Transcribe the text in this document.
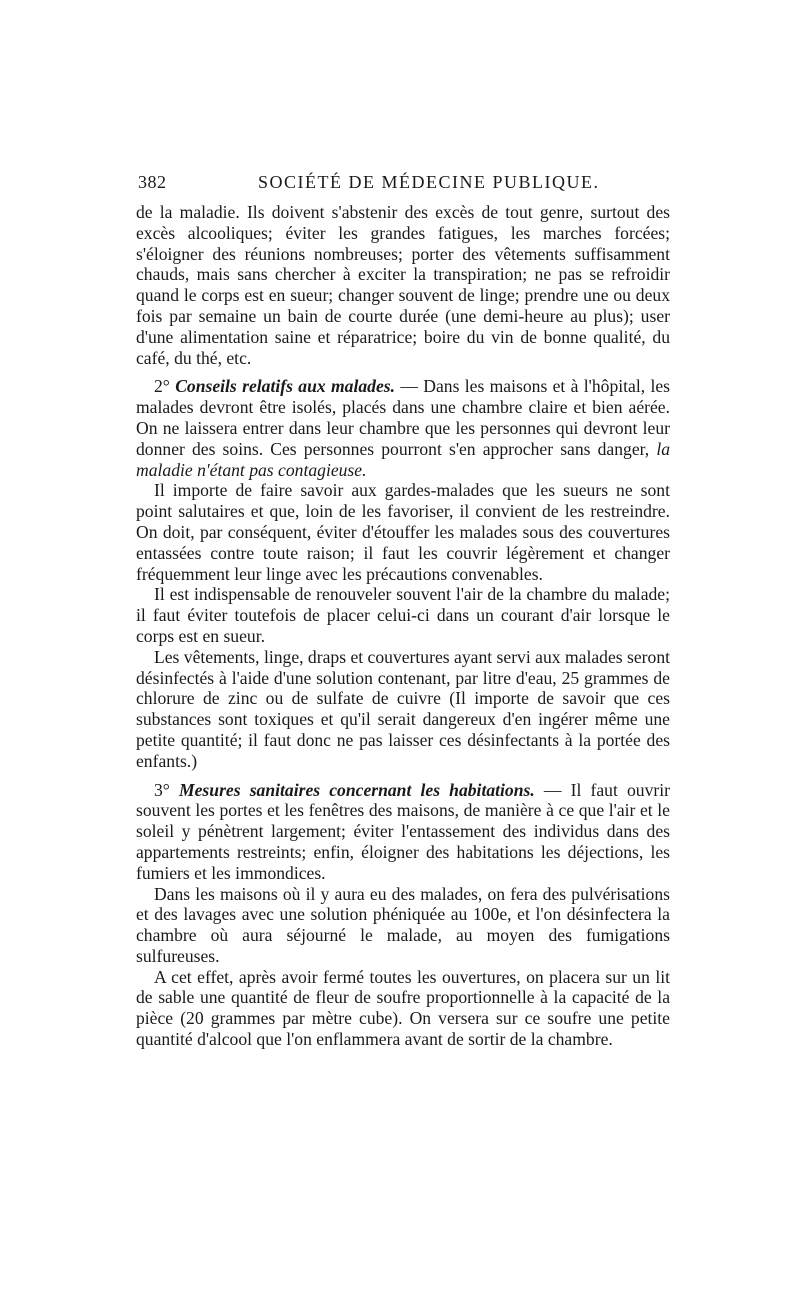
382	SOCIÉTÉ DE MÉDECINE PUBLIQUE.

de la maladie. Ils doivent s'abstenir des excès de tout genre, surtout des excès alcooliques; éviter les grandes fatigues, les marches forcées; s'éloigner des réunions nombreuses; porter des vêtements suffisamment chauds, mais sans chercher à exciter la transpiration; ne pas se refroidir quand le corps est en sueur; changer souvent de linge; prendre une ou deux fois par semaine un bain de courte durée (une demi-heure au plus); user d'une alimentation saine et réparatrice; boire du vin de bonne qualité, du café, du thé, etc.

2° Conseils relatifs aux malades. — Dans les maisons et à l'hôpital, les malades devront être isolés, placés dans une chambre claire et bien aérée. On ne laissera entrer dans leur chambre que les personnes qui devront leur donner des soins. Ces personnes pourront s'en approcher sans danger, la maladie n'étant pas contagieuse.

Il importe de faire savoir aux gardes-malades que les sueurs ne sont point salutaires et que, loin de les favoriser, il convient de les restreindre. On doit, par conséquent, éviter d'étouffer les malades sous des couvertures entassées contre toute raison; il faut les couvrir légèrement et changer fréquemment leur linge avec les précautions convenables.

Il est indispensable de renouveler souvent l'air de la chambre du malade; il faut éviter toutefois de placer celui-ci dans un courant d'air lorsque le corps est en sueur.

Les vêtements, linge, draps et couvertures ayant servi aux malades seront désinfectés à l'aide d'une solution contenant, par litre d'eau, 25 grammes de chlorure de zinc ou de sulfate de cuivre (Il importe de savoir que ces substances sont toxiques et qu'il serait dangereux d'en ingérer même une petite quantité; il faut donc ne pas laisser ces désinfectants à la portée des enfants.)

3° Mesures sanitaires concernant les habitations. — Il faut ouvrir souvent les portes et les fenêtres des maisons, de manière à ce que l'air et le soleil y pénètrent largement; éviter l'entassement des individus dans des appartements restreints; enfin, éloigner des habitations les déjections, les fumiers et les immondices.

Dans les maisons où il y aura eu des malades, on fera des pulvérisations et des lavages avec une solution phéniquée au 100e, et l'on désinfectera la chambre où aura séjourné le malade, au moyen des fumigations sulfureuses.

A cet effet, après avoir fermé toutes les ouvertures, on placera sur un lit de sable une quantité de fleur de soufre proportionnelle à la capacité de la pièce (20 grammes par mètre cube). On versera sur ce soufre une petite quantité d'alcool que l'on enflammera avant de sortir de la chambre.
